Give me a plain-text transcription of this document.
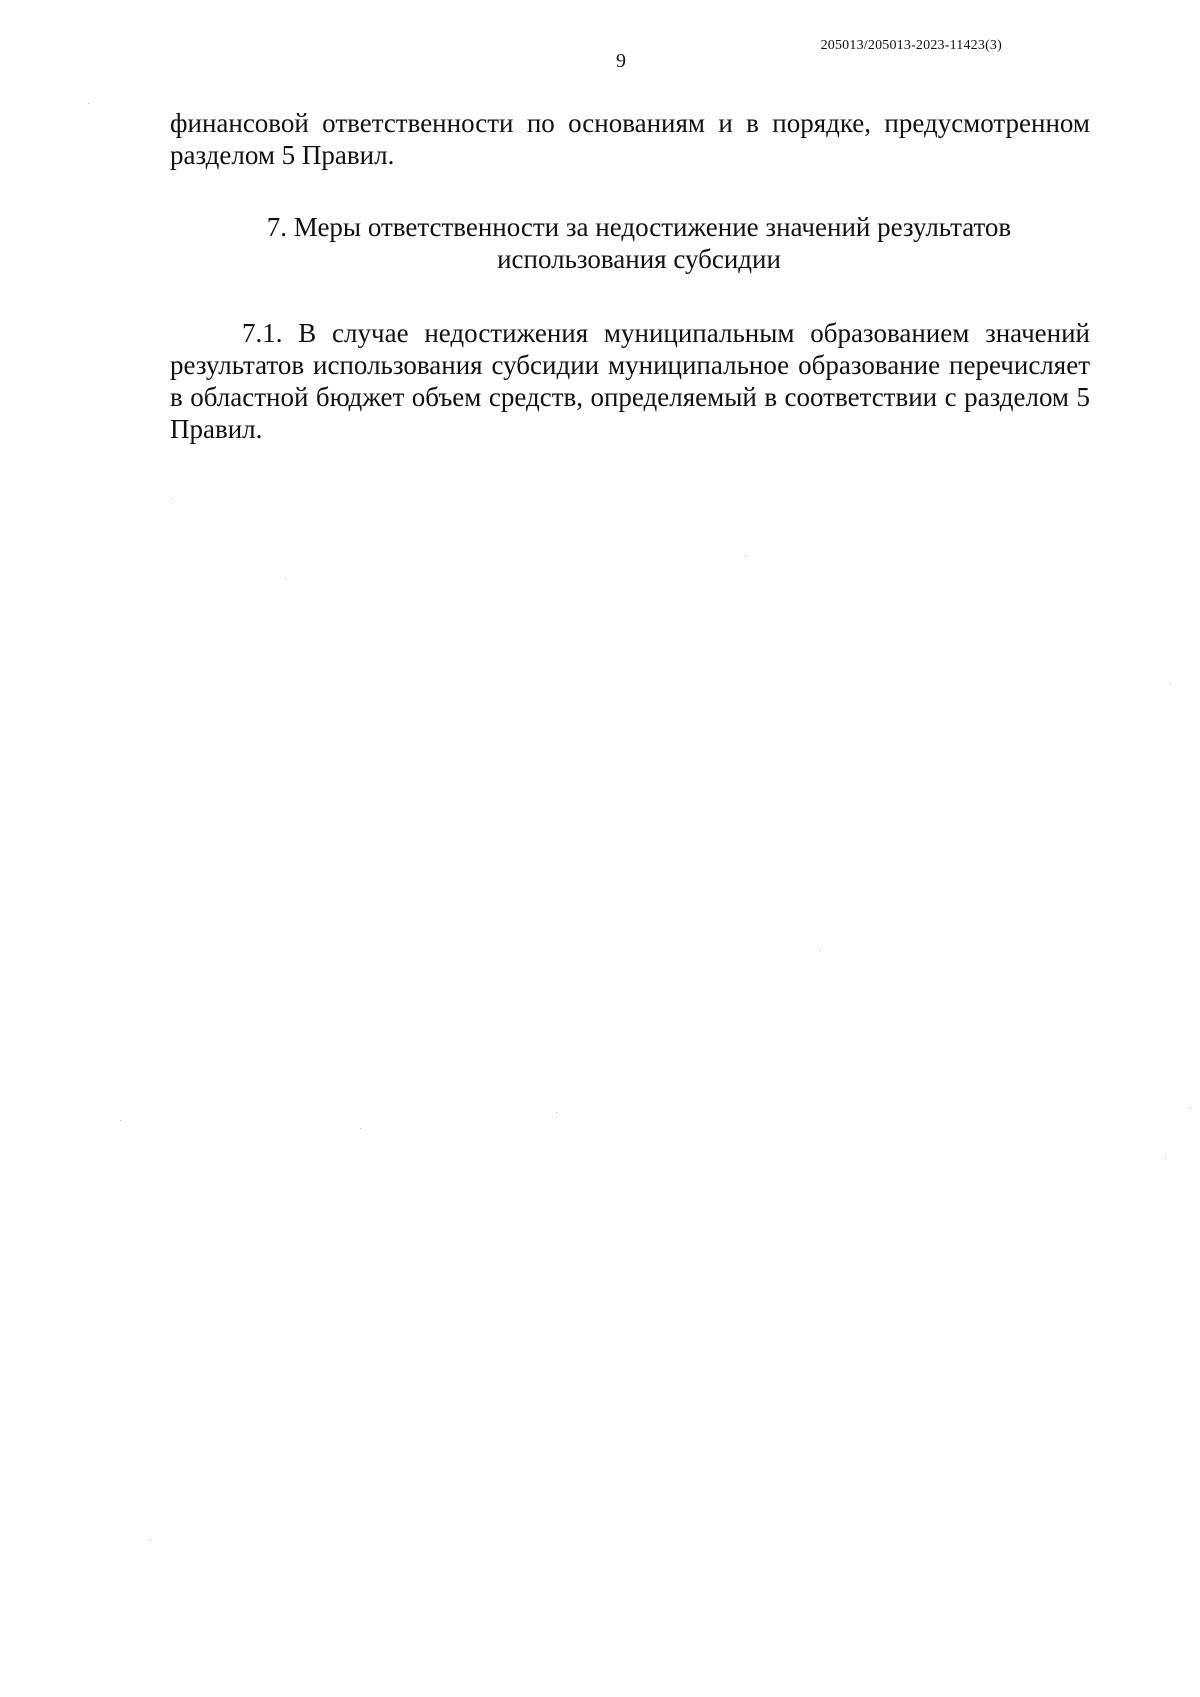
205013/205013-2023-11423(3)
9

финансовой ответственности по основаниям и в порядке, предусмотренном разделом 5 Правил.

7. Меры ответственности за недостижение значений результатов
использования субсидии

7.1. В случае недостижения муниципальным образованием значений результатов использования субсидии муниципальное образование перечисляет в областной бюджет объем средств, определяемый в соответствии с разделом 5 Правил.
